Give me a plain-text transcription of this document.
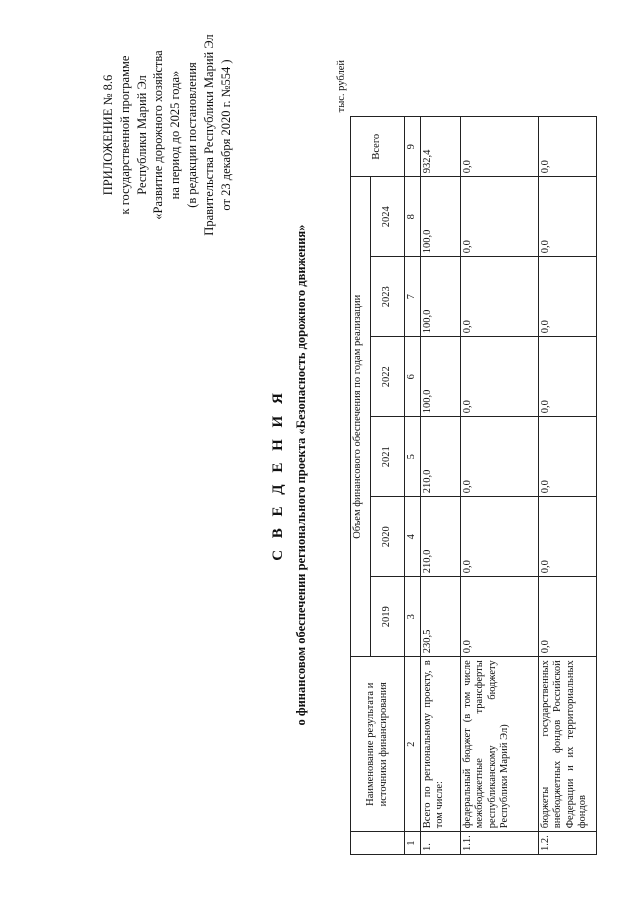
ПРИЛОЖЕНИЕ № 8.6 к государственной программе Республики Марий Эл «Развитие дорожного хозяйства на период до 2025 года» (в редакции постановления Правительства Республики Марий Эл от 23 декабря 2020 г. №554 )
С В Е Д Е Н И Я о финансовом обеспечении регионального проекта «Безопасность дорожного движения»
тыс. рублей
	Наименование результата и источники финансирования	Объем финансового обеспечения по годам реализации						Всего
		2019	2020	2021	2022	2023	2024	
1	2	3	4	5	6	7	8	9
1.	Всего по региональному проекту, в том числе:	230,5	210,0	210,0	100,0	100,0	100,0	932,4
1.1.	федеральный бюджет (в том числе межбюджетные трансферты республиканскому бюджету Республики Марий Эл)	0,0	0,0	0,0	0,0	0,0	0,0	0,0
1.2.	бюджеты государственных внебюджетных фондов Российской Федерации и их территориальных фондов	0,0	0,0	0,0	0,0	0,0	0,0	0,0
